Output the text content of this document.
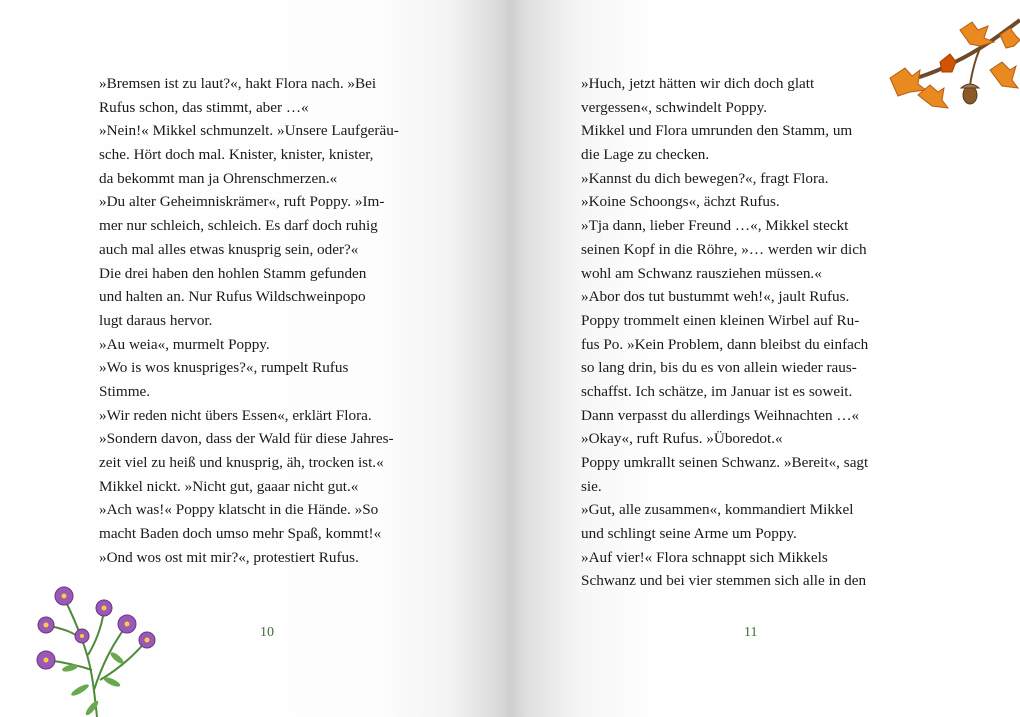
»Bremsen ist zu laut?«, hakt Flora nach. »Bei
Rufus schon, das stimmt, aber …«
»Nein!« Mikkel schmunzelt. »Unsere Laufgeräu-
sche. Hört doch mal. Knister, knister, knister,
da bekommt man ja Ohrenschmerzen.«
»Du alter Geheimniskrämer«, ruft Poppy. »Im-
mer nur schleich, schleich. Es darf doch ruhig
auch mal alles etwas knusprig sein, oder?«
Die drei haben den hohlen Stamm gefunden
und halten an. Nur Rufus Wildschweinpopo
lugt daraus hervor.
»Au weia«, murmelt Poppy.
»Wo is wos knuspriges?«, rumpelt Rufus
Stimme.
»Wir reden nicht übers Essen«, erklärt Flora.
»Sondern davon, dass der Wald für diese Jahres-
zeit viel zu heiß und knusprig, äh, trocken ist.«
Mikkel nickt. »Nicht gut, gaaar nicht gut.«
»Ach was!« Poppy klatscht in die Hände. »So
macht Baden doch umso mehr Spaß, kommt!«
»Ond wos ost mit mir?«, protestiert Rufus.
»Huch, jetzt hätten wir dich doch glatt
vergessen«, schwindelt Poppy.
Mikkel und Flora umrunden den Stamm, um
die Lage zu checken.
»Kannst du dich bewegen?«, fragt Flora.
»Koine Schoongs«, ächzt Rufus.
»Tja dann, lieber Freund …«, Mikkel steckt
seinen Kopf in die Röhre, »… werden wir dich
wohl am Schwanz rausziehen müssen.«
»Abor dos tut bustummt weh!«, jault Rufus.
Poppy trommelt einen kleinen Wirbel auf Ru-
fus Po. »Kein Problem, dann bleibst du einfach
so lang drin, bis du es von allein wieder raus-
schaffst. Ich schätze, im Januar ist es soweit.
Dann verpasst du allerdings Weihnachten …«
»Okay«, ruft Rufus. »Üboredot.«
Poppy umkrallt seinen Schwanz. »Bereit«, sagt
sie.
»Gut, alle zusammen«, kommandiert Mikkel
und schlingt seine Arme um Poppy.
»Auf vier!« Flora schnappt sich Mikkels
Schwanz und bei vier stemmen sich alle in den
10	11
